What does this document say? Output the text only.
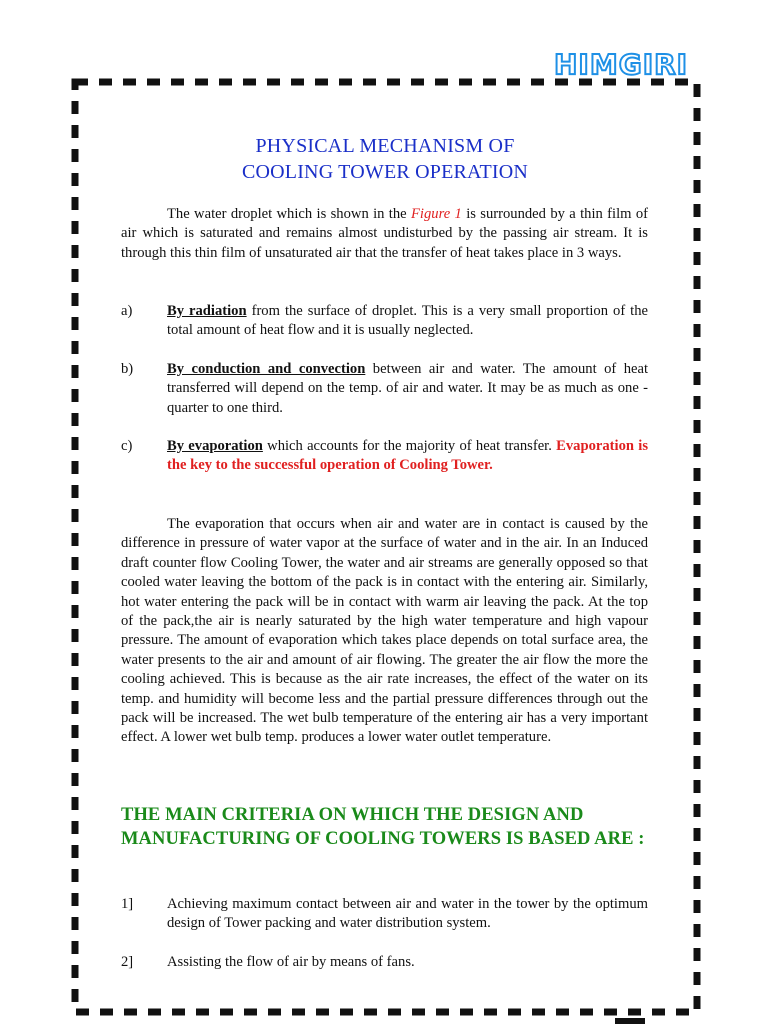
HIMGIRI
PHYSICAL MECHANISM OF
COOLING TOWER OPERATION

The water droplet which is shown in the Figure 1 is surrounded by a thin film of air which is saturated and remains almost undisturbed by the passing air stream. It is through this thin film of unsaturated air that the transfer of heat takes place in 3 ways.

a) By radiation from the surface of droplet. This is a very small proportion of the total amount of heat flow and it is usually neglected.
b) By conduction and convection between air and water. The amount of heat transferred will depend on the temp. of air and water. It may be as much as one - quarter to one third.
c) By evaporation which accounts for the majority of heat transfer. Evaporation is the key to the successful operation of Cooling Tower.

The evaporation that occurs when air and water are in contact is caused by the difference in pressure of water vapor at the surface of water and in the air. In an Induced draft counter flow Cooling Tower, the water and air streams are generally opposed so that cooled water leaving the bottom of the pack is in contact with the entering air. Similarly, hot water entering the pack will be in contact with warm air leaving the pack. At the top of the pack,the air is nearly saturated by the high water temperature and high vapour pressure. The amount of evaporation which takes place depends on total surface area, the water presents to the air and amount of air flowing. The greater the air flow the more the cooling achieved. This is because as the air rate increases, the effect of the water on its temp. and humidity will become less and the partial pressure differences through out the pack will be increased. The wet bulb temperature of the entering air has a very important effect. A lower wet bulb temp. produces a lower water outlet temperature.

THE MAIN CRITERIA ON WHICH THE DESIGN AND MANUFACTURING OF COOLING TOWERS IS BASED ARE :
1] Achieving maximum contact between air and water in the tower by the optimum design of Tower packing and water distribution system.
2] Assisting the flow of air by means of fans.
